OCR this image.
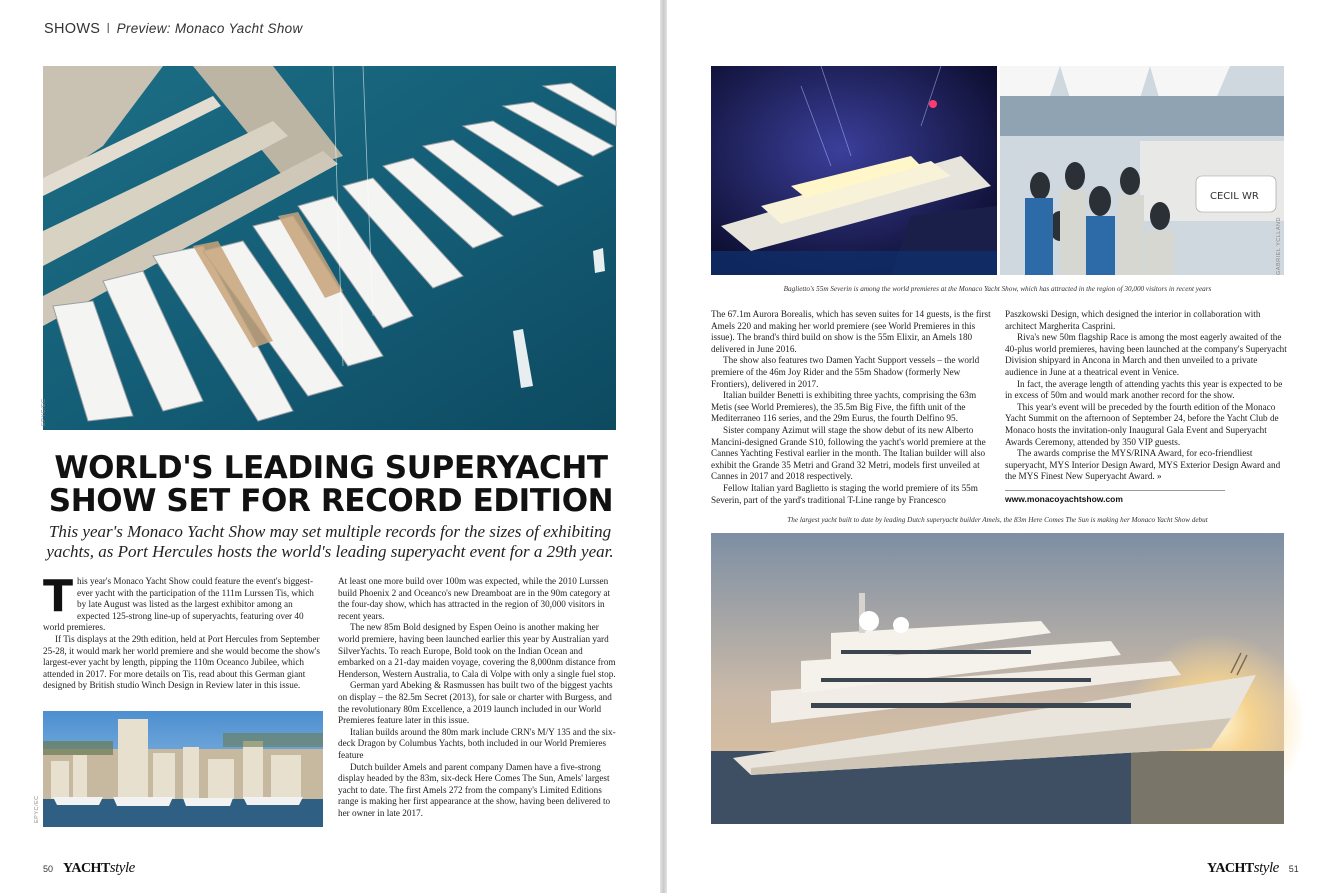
SHOWS I Preview: Monaco Yacht Show
EPYC/EC
WORLD'S LEADING SUPERYACHT
SHOW SET FOR RECORD EDITION

This year's Monaco Yacht Show may set multiple records for the sizes of exhibiting yachts, as Port Hercules hosts the world's leading superyacht event for a 29th year.

This year's Monaco Yacht Show could feature the event's biggest-ever yacht with the participation of the 111m Lurssen Tis, which by late August was listed as the largest exhibitor among an expected 125-strong line-up of superyachts, featuring over 40 world premieres.

If Tis displays at the 29th edition, held at Port Hercules from September 25-28, it would mark her world premiere and she would become the show's largest-ever yacht by length, pipping the 110m Oceanco Jubilee, which attended in 2017. For more details on Tis, read about this German giant designed by British studio Winch Design in Review later in this issue.

EPYC/EC

At least one more build over 100m was expected, while the 2010 Lurssen build Phoenix 2 and Oceanco's new Dreamboat are in the 90m category at the four-day show, which has attracted in the region of 30,000 visitors in recent years.

The new 85m Bold designed by Espen Oeino is another making her world premiere, having been launched earlier this year by Australian yard SilverYachts. To reach Europe, Bold took on the Indian Ocean and embarked on a 21-day maiden voyage, covering the 8,000nm distance from Henderson, Western Australia, to Cala di Volpe with only a single fuel stop.

German yard Abeking & Rasmussen has built two of the biggest yachts on display – the 82.5m Secret (2013), for sale or charter with Burgess, and the revolutionary 80m Excellence, a 2019 launch included in our World Premieres feature later in this issue.

Italian builds around the 80m mark include CRN's M/Y 135 and the six-deck Dragon by Columbus Yachts, both included in our World Premieres feature

Dutch builder Amels and parent company Damen have a five-strong display headed by the 83m, six-deck Here Comes The Sun, Amels' largest yacht to date. The first Amels 272 from the company's Limited Editions range is making her first appearance at the show, having been delivered to her owner in late 2017.

50 YACHTstyle
CECIL WR
GABRIEL YCLLAND
Baglietto's 55m Severin is among the world premieres at the Monaco Yacht Show, which has attracted in the region of 30,000 visitors in recent years

The 67.1m Aurora Borealis, which has seven suites for 14 guests, is the first Amels 220 and making her world premiere (see World Premieres in this issue). The brand's third build on show is the 55m Elixir, an Amels 180 delivered in June 2016.

The show also features two Damen Yacht Support vessels – the world premiere of the 46m Joy Rider and the 55m Shadow (formerly New Frontiers), delivered in 2017.

Italian builder Benetti is exhibiting three yachts, comprising the 63m Metis (see World Premieres), the 35.5m Big Five, the fifth unit of the Mediterraneo 116 series, and the 29m Eurus, the fourth Delfino 95.

Sister company Azimut will stage the show debut of its new Alberto Mancini-designed Grande S10, following the yacht's world premiere at the Cannes Yachting Festival earlier in the month. The Italian builder will also exhibit the Grande 35 Metri and Grand 32 Metri, models first unveiled at Cannes in 2017 and 2018 respectively.

Fellow Italian yard Baglietto is staging the world premiere of its 55m Severin, part of the yard's traditional T-Line range by Francesco

Paszkowski Design, which designed the interior in collaboration with architect Margherita Casprini.

Riva's new 50m flagship Race is among the most eagerly awaited of the 40-plus world premieres, having been launched at the company's Superyacht Division shipyard in Ancona in March and then unveiled to a private audience in June at a theatrical event in Venice.

In fact, the average length of attending yachts this year is expected to be in excess of 50m and would mark another record for the show.

This year's event will be preceded by the fourth edition of the Monaco Yacht Summit on the afternoon of September 24, before the Yacht Club de Monaco hosts the invitation-only Inaugural Gala Event and Superyacht Awards Ceremony, attended by 350 VIP guests.

The awards comprise the MYS/RINA Award, for eco-friendliest superyacht, MYS Interior Design Award, MYS Exterior Design Award and the MYS Finest New Superyacht Award. »

www.monacoyachtshow.com
The largest yacht built to date by leading Dutch superyacht builder Amels, the 83m Here Comes The Sun is making her Monaco Yacht Show debut
YACHTstyle 51
